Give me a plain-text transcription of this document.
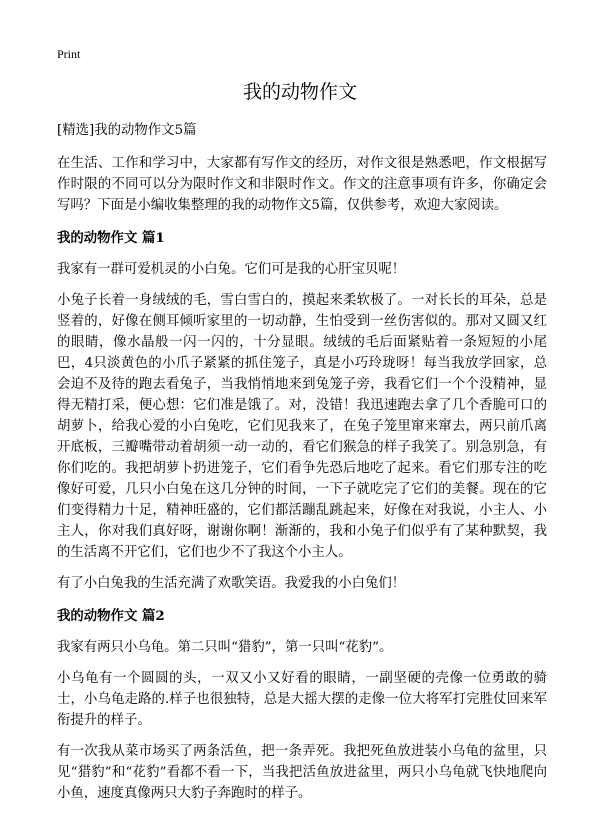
Print
我的动物作文

[精选]我的动物作文5篇

在生活、工作和学习中，大家都有写作文的经历，对作文很是熟悉吧，作文根据写作时限的不同可以分为限时作文和非限时作文。作文的注意事项有许多，你确定会写吗？下面是小编收集整理的我的动物作文5篇，仅供参考，欢迎大家阅读。

我的动物作文 篇1

我家有一群可爱机灵的小白兔。它们可是我的心肝宝贝呢！

小兔子长着一身绒绒的毛，雪白雪白的，摸起来柔软极了。一对长长的耳朵，总是竖着的，好像在侧耳倾听家里的一切动静，生怕受到一丝伤害似的。那对又圆又红的眼睛，像水晶般一闪一闪的，十分显眼。绒绒的毛后面紧贴着一条短短的小尾巴，4只淡黄色的小爪子紧紧的抓住笼子，真是小巧玲珑呀！每当我放学回家，总会迫不及待的跑去看兔子，当我悄悄地来到兔笼子旁，我看它们一个个没精神，显得无精打采，便心想：它们准是饿了。对，没错！我迅速跑去拿了几个香脆可口的胡萝卜，给我心爱的小白兔吃，它们见我来了，在兔子笼里窜来窜去，两只前爪离开底板，三瓣嘴带动着胡须一动一动的，看它们猴急的样子我笑了。别急别急，有你们吃的。我把胡萝卜扔进笼子，它们看争先恐后地吃了起来。看它们那专注的吃像好可爱，几只小白兔在这几分钟的时间，一下子就吃完了它们的美餐。现在的它们变得精力十足，精神旺盛的，它们都活蹦乱跳起来，好像在对我说，小主人、小主人，你对我们真好呀，谢谢你啊！渐渐的，我和小兔子们似乎有了某种默契，我的生活离不开它们，它们也少不了我这个小主人。

有了小白兔我的生活充满了欢歌笑语。我爱我的小白兔们！

我的动物作文 篇2

我家有两只小乌龟。第二只叫“猎豹”，第一只叫“花豹”。

小乌龟有一个圆圆的头，一双又小又好看的眼睛，一副坚硬的壳像一位勇敢的骑士，小乌龟走路的.样子也很独特，总是大摇大摆的走像一位大将军打完胜仗回来军衔提升的样子。

有一次我从菜市场买了两条活鱼，把一条弄死。我把死鱼放进装小乌龟的盆里，只见“猎豹”和“花豹”看都不看一下，当我把活鱼放进盆里，两只小乌龟就飞快地爬向小鱼，速度真像两只大豹子奔跑时的样子。
